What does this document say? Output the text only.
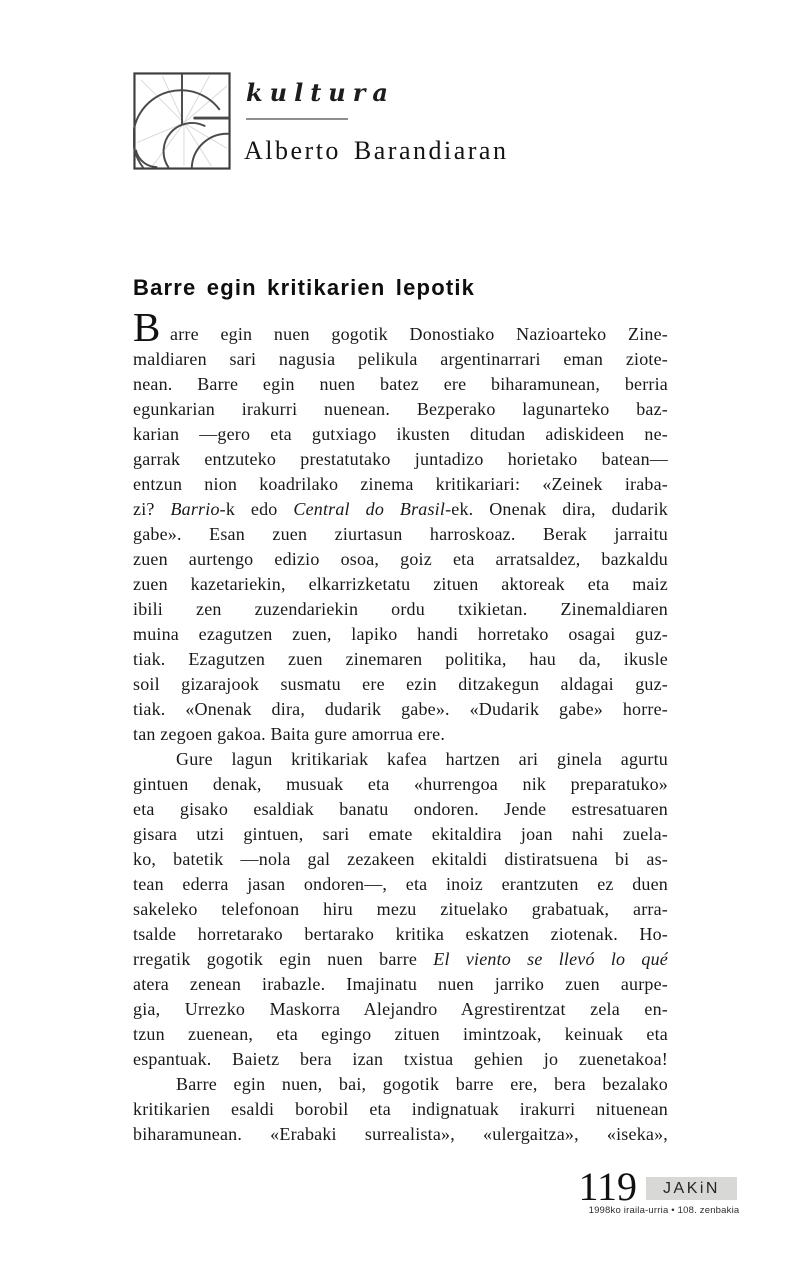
kultura
Alberto Barandiaran
Barre egin kritikarien lepotik
B arre egin nuen gogotik Donostiako Nazioarteko Zine-
maldiaren sari nagusia pelikula argentinarrari eman ziote-
nean. Barre egin nuen batez ere biharamunean, berria
egunkarian irakurri nuenean. Bezperako lagunarteko baz-
karian —gero eta gutxiago ikusten ditudan adiskideen ne-
garrak entzuteko prestatutako juntadizo horietako batean—
entzun nion koadrilako zinema kritikariari: «Zeinek iraba-
zi? Barrio-k edo Central do Brasil-ek. Onenak dira, dudarik
gabe». Esan zuen ziurtasun harroskoaz. Berak jarraitu
zuen aurtengo edizio osoa, goiz eta arratsaldez, bazkaldu
zuen kazetariekin, elkarrizketatu zituen aktoreak eta maiz
ibili zen zuzendariekin ordu txikietan. Zinemaldiaren
muina ezagutzen zuen, lapiko handi horretako osagai guz-
tiak. Ezagutzen zuen zinemaren politika, hau da, ikusle
soil gizarajook susmatu ere ezin ditzakegun aldagai guz-
tiak. «Onenak dira, dudarik gabe». «Dudarik gabe» horre-
tan zegoen gakoa. Baita gure amorrua ere.
Gure lagun kritikariak kafea hartzen ari ginela agurtu
gintuen denak, musuak eta «hurrengoa nik preparatuko»
eta gisako esaldiak banatu ondoren. Jende estresatuaren
gisara utzi gintuen, sari emate ekitaldira joan nahi zuela-
ko, batetik —nola gal zezakeen ekitaldi distiratsuena bi as-
tean ederra jasan ondoren—, eta inoiz erantzuten ez duen
sakeleko telefonoan hiru mezu zituelako grabatuak, arra-
tsalde horretarako bertarako kritika eskatzen ziotenak. Ho-
rregatik gogotik egin nuen barre El viento se llevó lo qué
atera zenean irabazle. Imajinatu nuen jarriko zuen aurpe-
gia, Urrezko Maskorra Alejandro Agrestirentzat zela en-
tzun zuenean, eta egingo zituen imintzoak, keinuak eta
espantuak. Baietz bera izan txistua gehien jo zuenetakoa!
Barre egin nuen, bai, gogotik barre ere, bera bezalako
kritikarien esaldi borobil eta indignatuak irakurri nituenean
biharamunean. «Erabaki surrealista», «ulergaitza», «iseka»,
119	JAKiN
1998ko iraila-urria • 108. zenbakia
